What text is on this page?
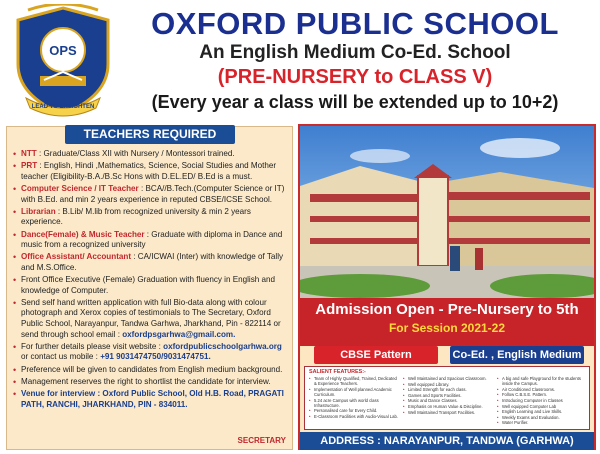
OPS
LEAD TO ENLIGHTEN
OXFORD PUBLIC SCHOOL
An English Medium Co-Ed. School
(PRE-NURSERY to CLASS V)
(Every year a class will be extended up to 10+2)
TEACHERS REQUIRED
• NTT : Graduate/Class XII with Nursery / Montessori trained.
• PRT : English, Hindi ,Mathematics, Science, Social Studies and Mother teacher (Eligibility-B.A./B.Sc Hons with D.EL.ED/ B.Ed is a must.
• Computer Science / IT Teacher : BCA//B.Tech.(Computer Science or IT) with B.Ed. and min 2 years experience in reputed CBSE/ICSE School.
• Librarian : B.Lib/ M.lib from recognized university & min 2 years experience.
• Dance(Female) & Music Teacher : Graduate with diploma in Dance and music from a recognized university
• Office Assistant/ Accountant : CA/ICWAI (Inter) with knowledge of Tally and M.S.Office.
• Front Office Executive (Female) Graduation with fluency in English and knowledge of Computer.
• Send self hand written application with full Bio-data along with colour photograph and Xerox copies of testimonials to The Secretary, Oxford Public School, Narayanpur, Tandwa Garhwa, Jharkhand, Pin - 822114 or send through school email : oxfordpsgarhwa@gmail.com.
• For further details please visit website : oxfordpublicschoolgarhwa.org or contact us mobile : +91 9031474750/9031474751.
• Preference will be given to candidates from English medium background.
• Management reserves the right to shortlist the candidate for interview.
• Venue for interview : Oxford Public School, Old H.B. Road, PRAGATI PATH, RANCHI, JHARKHAND, PIN - 834011.
SECRETARY
Admission Open - Pre-Nursery to 5th
For Session 2021-22
CBSE Pattern	Co-Ed. , English Medium
SALIENT FEATURES:-
• Team of Highly Qualified, Trained, Dedicated & Experience Teachers.
• Implementation of Well planned Academic Curriculum.
• 5.24 acre Campus with world class Infrastructure.
• Personalised care for Every Child.
• E-Classroom Facilities with Audio-Visual Lab.
• Well Maintained and Spacious Classroom.
• Well equipped Library.
• Limited Strength for each class.
• Games and Sports Facilities.
• Music and Dance Classes.
• Emphasis on Human Value & Discipline.
• Well Maintained Transport Facilities.
• A big and safe Playground for the students inside the Campus.
• Air Conditioned Classrooms.
• Follow C.B.S.E. Pattern.
• Introducing Computer in Classes
• Well equipped Computer Lab
• English Learning and Live Skills.
• Weekly Exams and Evaluation.
• Water Purifier.
ADDRESS : NARAYANPUR, TANDWA (GARHWA)
